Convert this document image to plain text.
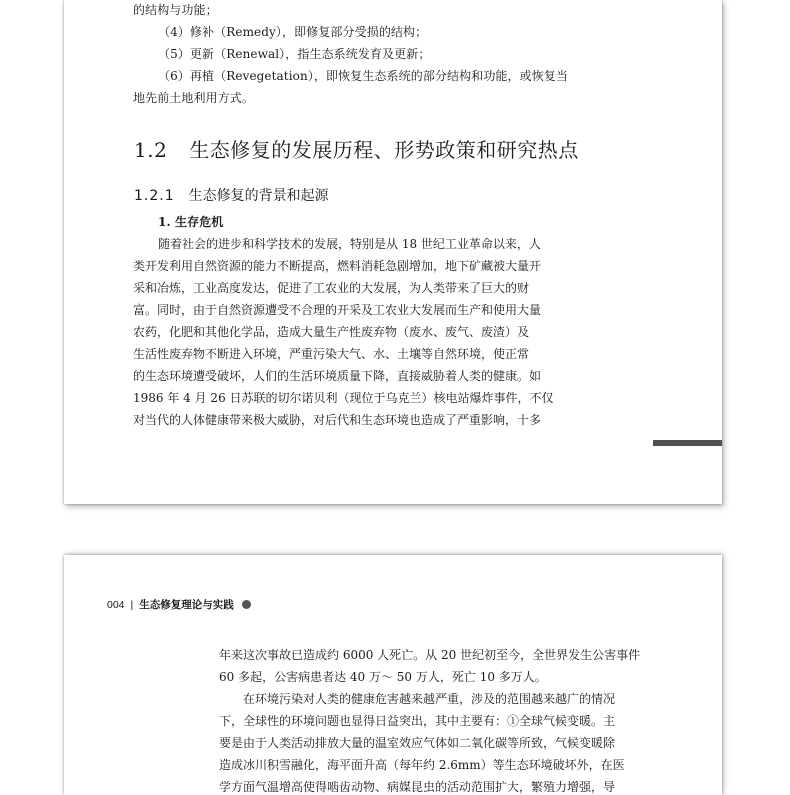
的结构与功能；
（4）修补（Remedy），即修复部分受损的结构；
（5）更新（Renewal），指生态系统发育及更新；
（6）再植（Revegetation），即恢复生态系统的部分结构和功能，或恢复当
地先前土地利用方式。
1.2 生态修复的发展历程、形势政策和研究热点
1.2.1 生态修复的背景和起源
1. 生存危机
随着社会的进步和科学技术的发展，特别是从 18 世纪工业革命以来，人
类开发利用自然资源的能力不断提高，燃料消耗急剧增加，地下矿藏被大量开
采和冶炼，工业高度发达，促进了工农业的大发展，为人类带来了巨大的财
富。同时，由于自然资源遭受不合理的开采及工农业大发展而生产和使用大量
农药，化肥和其他化学品，造成大量生产性废弃物（废水、废气、废渣）及
生活性废弃物不断进入环境，严重污染大气、水、土壤等自然环境，使正常
的生态环境遭受破坏，人们的生活环境质量下降，直接威胁着人类的健康。如
1986 年 4 月 26 日苏联的切尔诺贝利（现位于乌克兰）核电站爆炸事件，不仅
对当代的人体健康带来极大威胁，对后代和生态环境也造成了严重影响，十多
004 | 生态修复理论与实践
年来这次事故已造成约 6000 人死亡。从 20 世纪初至今，全世界发生公害事件
60 多起，公害病患者达 40 万～ 50 万人，死亡 10 多万人。
在环境污染对人类的健康危害越来越严重，涉及的范围越来越广的情况
下，全球性的环境问题也显得日益突出，其中主要有：①全球气候变暖。主
要是由于人类活动排放大量的温室效应气体如二氧化碳等所致，气候变暖除
造成冰川积雪融化，海平面升高（每年约 2.6mm）等生态环境破坏外，在医
学方面气温增高使得啮齿动物、病媒昆虫的活动范围扩大，繁殖力增强，导
